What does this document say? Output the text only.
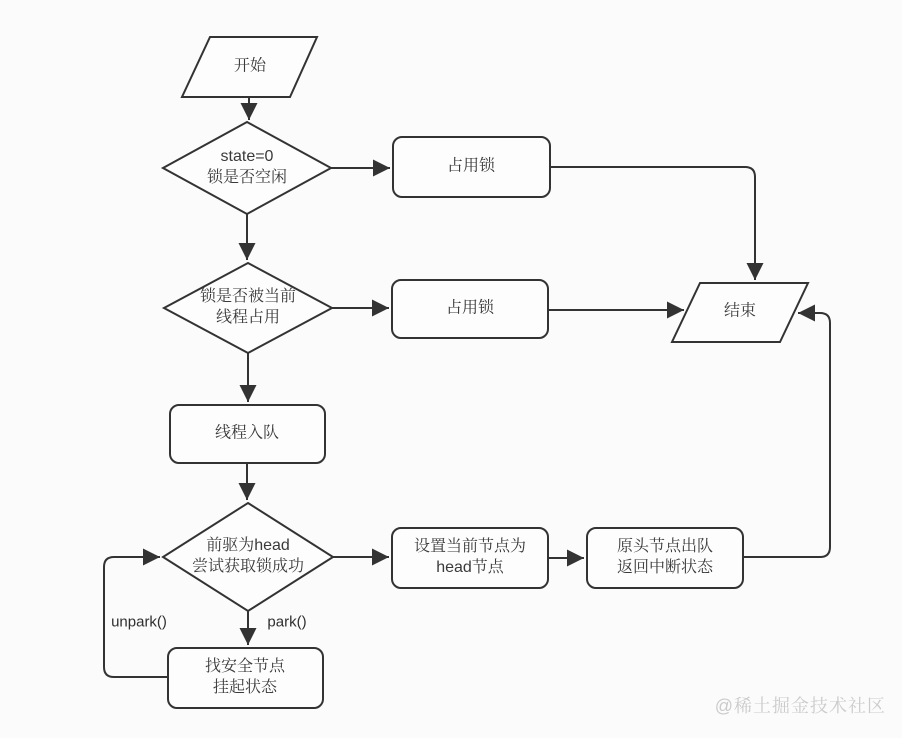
开始
state=0
锁是否空闲
占用锁
锁是否被当前
线程占用
占用锁	结束
线程入队
前驱为head
尝试获取锁成功
设置当前节点为
head节点
原头节点出队
返回中断状态
找安全节点
挂起状态
unpark()	park()
@稀土掘金技术社区
